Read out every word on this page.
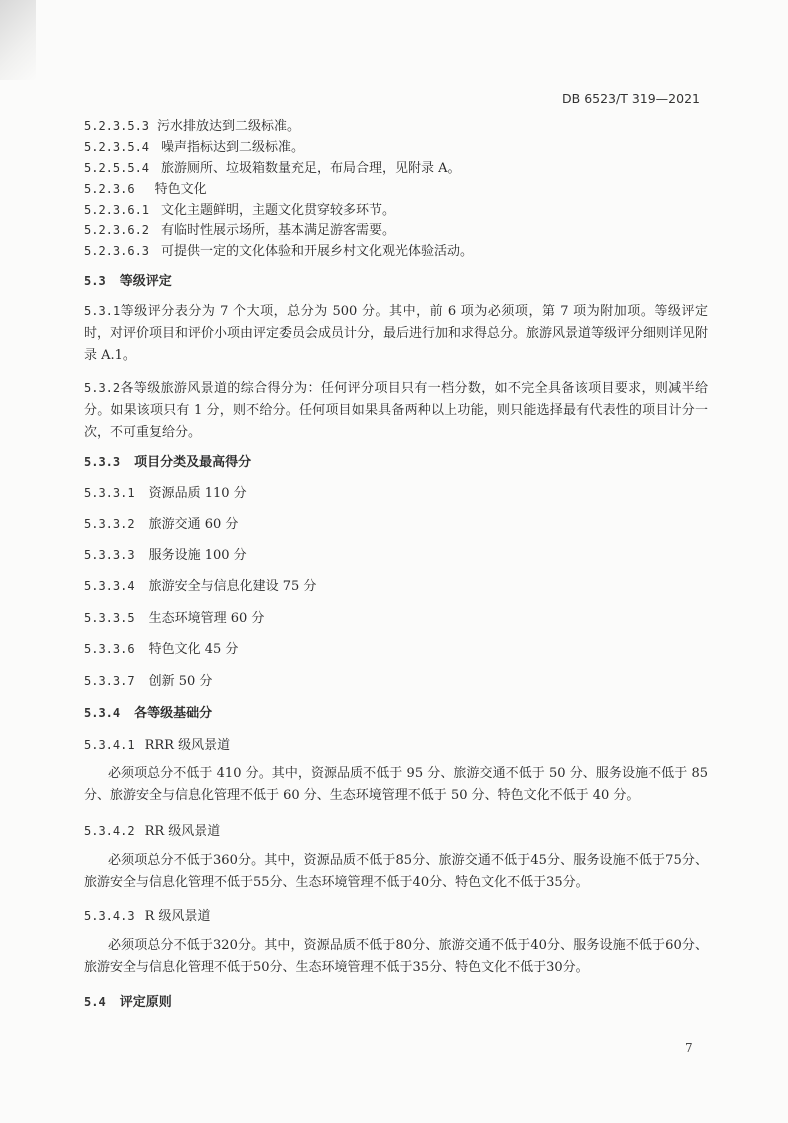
DB 6523/T 319—2021
5.2.3.5.3 污水排放达到二级标准。
5.2.3.5.4 噪声指标达到二级标准。
5.2.5.5.4 旅游厕所、垃圾箱数量充足，布局合理，见附录 A。
5.2.3.6 特色文化
5.2.3.6.1 文化主题鲜明，主题文化贯穿较多环节。
5.2.3.6.2 有临时性展示场所，基本满足游客需要。
5.2.3.6.3 可提供一定的文化体验和开展乡村文化观光体验活动。
5.3 等级评定
5.3.1等级评分表分为 7 个大项，总分为 500 分。其中，前 6 项为必须项，第 7 项为附加项。等级评定时，对评价项目和评价小项由评定委员会成员计分，最后进行加和求得总分。旅游风景道等级评分细则详见附录 A.1。
5.3.2各等级旅游风景道的综合得分为：任何评分项目只有一档分数，如不完全具备该项目要求，则减半给分。如果该项只有 1 分，则不给分。任何项目如果具备两种以上功能，则只能选择最有代表性的项目计分一次，不可重复给分。
5.3.3 项目分类及最高得分
5.3.3.1 资源品质 110 分
5.3.3.2 旅游交通 60 分
5.3.3.3 服务设施 100 分
5.3.3.4 旅游安全与信息化建设 75 分
5.3.3.5 生态环境管理 60 分
5.3.3.6 特色文化 45 分
5.3.3.7 创新 50 分
5.3.4 各等级基础分
5.3.4.1 RRR 级风景道
必须项总分不低于 410 分。其中，资源品质不低于 95 分、旅游交通不低于 50 分、服务设施不低于 85 分、旅游安全与信息化管理不低于 60 分、生态环境管理不低于 50 分、特色文化不低于 40 分。
5.3.4.2 RR 级风景道
必须项总分不低于360分。其中，资源品质不低于85分、旅游交通不低于45分、服务设施不低于75分、旅游安全与信息化管理不低于55分、生态环境管理不低于40分、特色文化不低于35分。
5.3.4.3 R 级风景道
必须项总分不低于320分。其中，资源品质不低于80分、旅游交通不低于40分、服务设施不低于60分、旅游安全与信息化管理不低于50分、生态环境管理不低于35分、特色文化不低于30分。
5.4 评定原则
7
